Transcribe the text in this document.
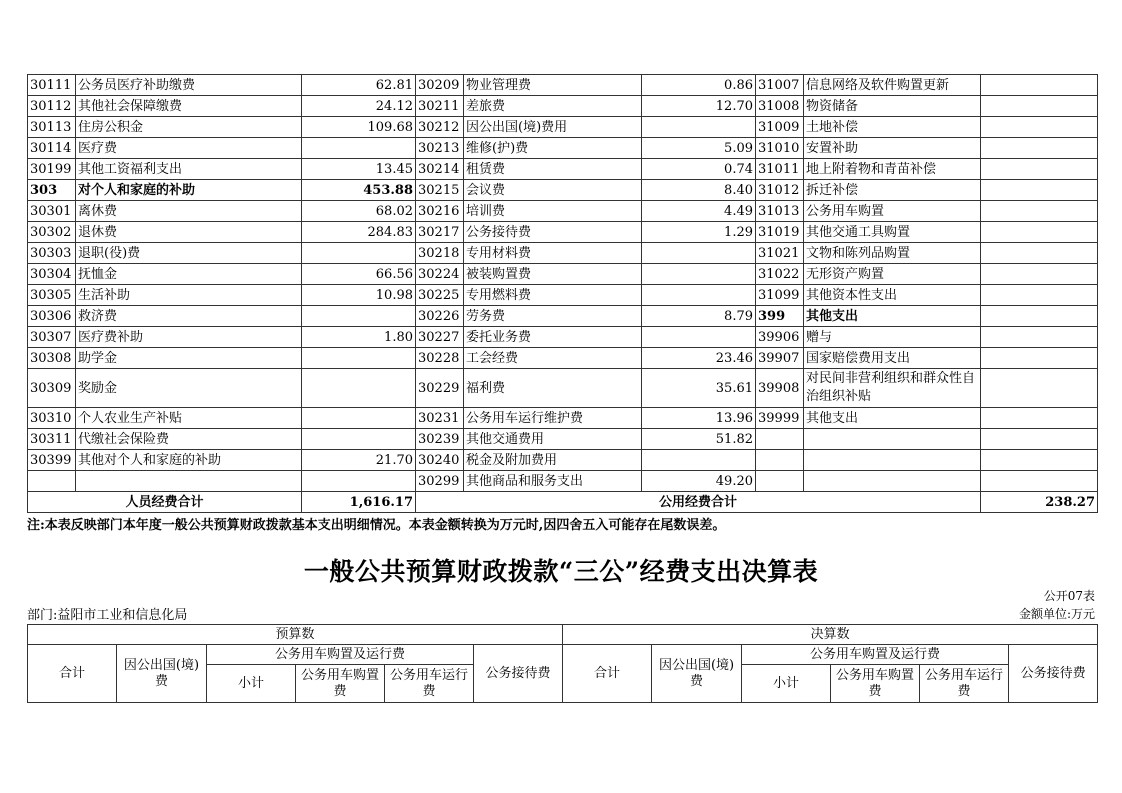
30111	公务员医疗补助缴费	62.81	30209	物业管理费	0.86	31007	信息网络及软件购置更新	
30112	其他社会保障缴费	24.12	30211	差旅费	12.70	31008	物资储备	
30113	住房公积金	109.68	30212	因公出国(境)费用		31009	土地补偿	
30114	医疗费		30213	维修(护)费	5.09	31010	安置补助	
30199	其他工资福利支出	13.45	30214	租赁费	0.74	31011	地上附着物和青苗补偿	
303	对个人和家庭的补助	453.88	30215	会议费	8.40	31012	拆迁补偿	
30301	离休费	68.02	30216	培训费	4.49	31013	公务用车购置	
30302	退休费	284.83	30217	公务接待费	1.29	31019	其他交通工具购置	
30303	退职(役)费		30218	专用材料费		31021	文物和陈列品购置	
30304	抚恤金	66.56	30224	被装购置费		31022	无形资产购置	
30305	生活补助	10.98	30225	专用燃料费		31099	其他资本性支出	
30306	救济费		30226	劳务费	8.79	399	其他支出	
30307	医疗费补助	1.80	30227	委托业务费		39906	赠与	
30308	助学金		30228	工会经费	23.46	39907	国家赔偿费用支出	
30309	奖励金		30229	福利费	35.61	39908	对民间非营利组织和群众性自治组织补贴	
30310	个人农业生产补贴		30231	公务用车运行维护费	13.96	39999	其他支出	
30311	代缴社会保险费		30239	其他交通费用	51.82			
30399	其他对个人和家庭的补助	21.70	30240	税金及附加费用				
			30299	其他商品和服务支出	49.20			
人员经费合计		1,616.17	公用经费合计					238.27
注:本表反映部门本年度一般公共预算财政拨款基本支出明细情况。本表金额转换为万元时,因四舍五入可能存在尾数误差。
一般公共预算财政拨款“三公”经费支出决算表
公开07表
部门:益阳市工业和信息化局	金额单位:万元
预算数						决算数					
合计	因公出国(境)费	公务用车购置及运行费			公务接待费	合计	因公出国(境)费	公务用车购置及运行费			公务接待费
		小计	公务用车购置费	公务用车运行费				小计	公务用车购置费	公务用车运行费	
